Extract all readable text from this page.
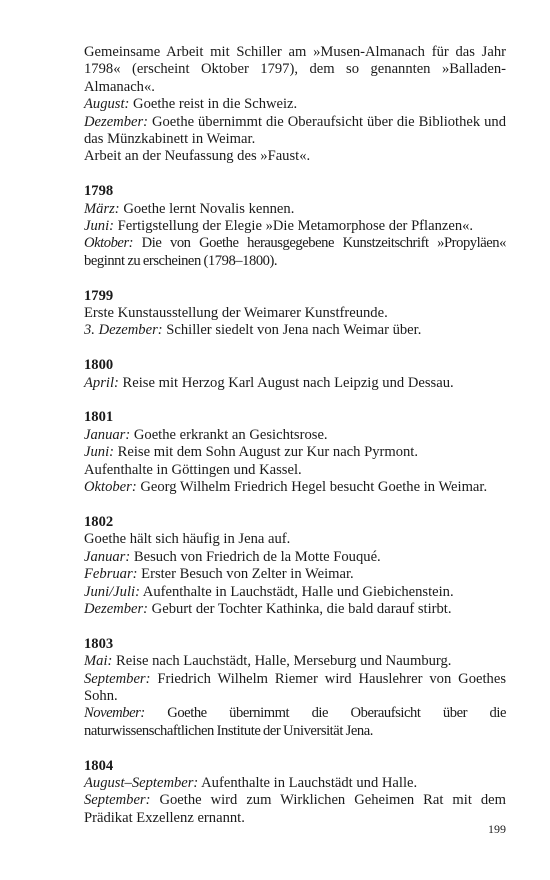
Gemeinsame Arbeit mit Schiller am »Musen-Almanach für das Jahr 1798« (erscheint Oktober 1797), dem so genannten »Balladen-Almanach«.

August: Goethe reist in die Schweiz.

Dezember: Goethe übernimmt die Oberaufsicht über die Bibliothek und das Münzkabinett in Weimar.

Arbeit an der Neufassung des »Faust«.

1798

März: Goethe lernt Novalis kennen.

Juni: Fertigstellung der Elegie »Die Metamorphose der Pflanzen«.

Oktober: Die von Goethe herausgegebene Kunstzeitschrift »Propyläen« beginnt zu erscheinen (1798–1800).

1799

Erste Kunstausstellung der Weimarer Kunstfreunde.

3. Dezember: Schiller siedelt von Jena nach Weimar über.

1800

April: Reise mit Herzog Karl August nach Leipzig und Dessau.

1801

Januar: Goethe erkrankt an Gesichtsrose.

Juni: Reise mit dem Sohn August zur Kur nach Pyrmont.

Aufenthalte in Göttingen und Kassel.

Oktober: Georg Wilhelm Friedrich Hegel besucht Goethe in Weimar.

1802

Goethe hält sich häufig in Jena auf.

Januar: Besuch von Friedrich de la Motte Fouqué.

Februar: Erster Besuch von Zelter in Weimar.

Juni/Juli: Aufenthalte in Lauchstädt, Halle und Giebichenstein.

Dezember: Geburt der Tochter Kathinka, die bald darauf stirbt.

1803

Mai: Reise nach Lauchstädt, Halle, Merseburg und Naumburg.

September: Friedrich Wilhelm Riemer wird Hauslehrer von Goethes Sohn.

November: Goethe übernimmt die Oberaufsicht über die naturwissenschaftlichen Institute der Universität Jena.

1804

August–September: Aufenthalte in Lauchstädt und Halle.

September: Goethe wird zum Wirklichen Geheimen Rat mit dem Prädikat Exzellenz ernannt.

199
